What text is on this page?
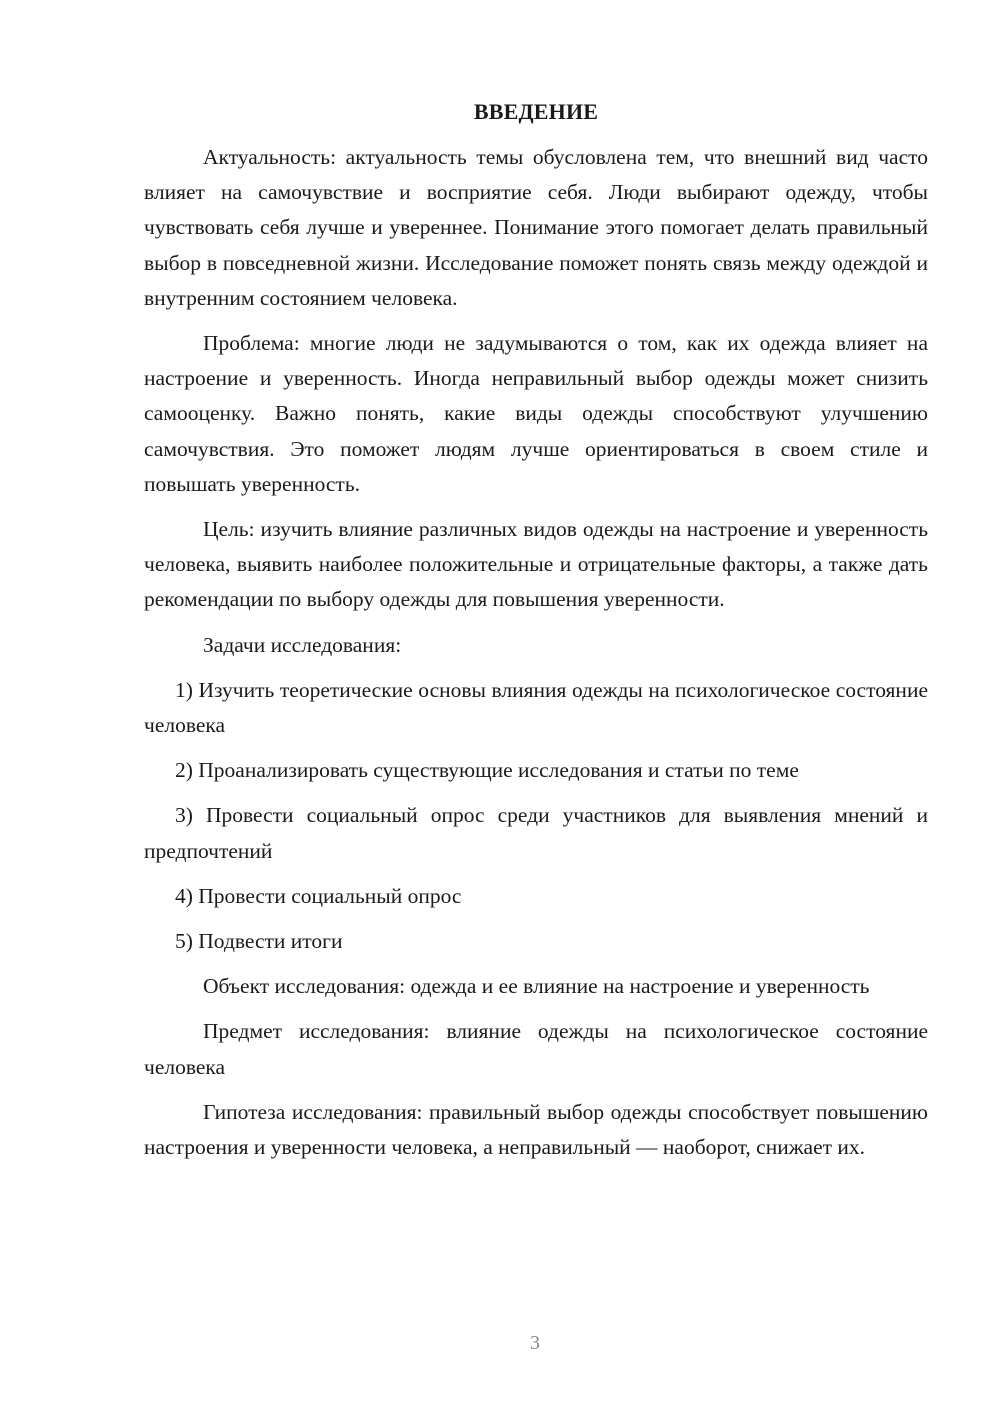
ВВЕДЕНИЕ

Актуальность: актуальность темы обусловлена тем, что внешний вид часто влияет на самочувствие и восприятие себя. Люди выбирают одежду, чтобы чувствовать себя лучше и увереннее. Понимание этого помогает делать правильный выбор в повседневной жизни. Исследование поможет понять связь между одеждой и внутренним состоянием человека.

Проблема: многие люди не задумываются о том, как их одежда влияет на настроение и уверенность. Иногда неправильный выбор одежды может снизить самооценку. Важно понять, какие виды одежды способствуют улучшению самочувствия. Это поможет людям лучше ориентироваться в своем стиле и повышать уверенность.

Цель: изучить влияние различных видов одежды на настроение и уверенность человека, выявить наиболее положительные и отрицательные факторы, а также дать рекомендации по выбору одежды для повышения уверенности.

Задачи исследования:

1) Изучить теоретические основы влияния одежды на психологическое состояние человека

2) Проанализировать существующие исследования и статьи по теме

3) Провести социальный опрос среди участников для выявления мнений и предпочтений

4) Провести социальный опрос

5) Подвести итоги

Объект исследования: одежда и ее влияние на настроение и уверенность

Предмет исследования: влияние одежды на психологическое состояние человека

Гипотеза исследования: правильный выбор одежды способствует повышению настроения и уверенности человека, а неправильный — наоборот, снижает их.

3
